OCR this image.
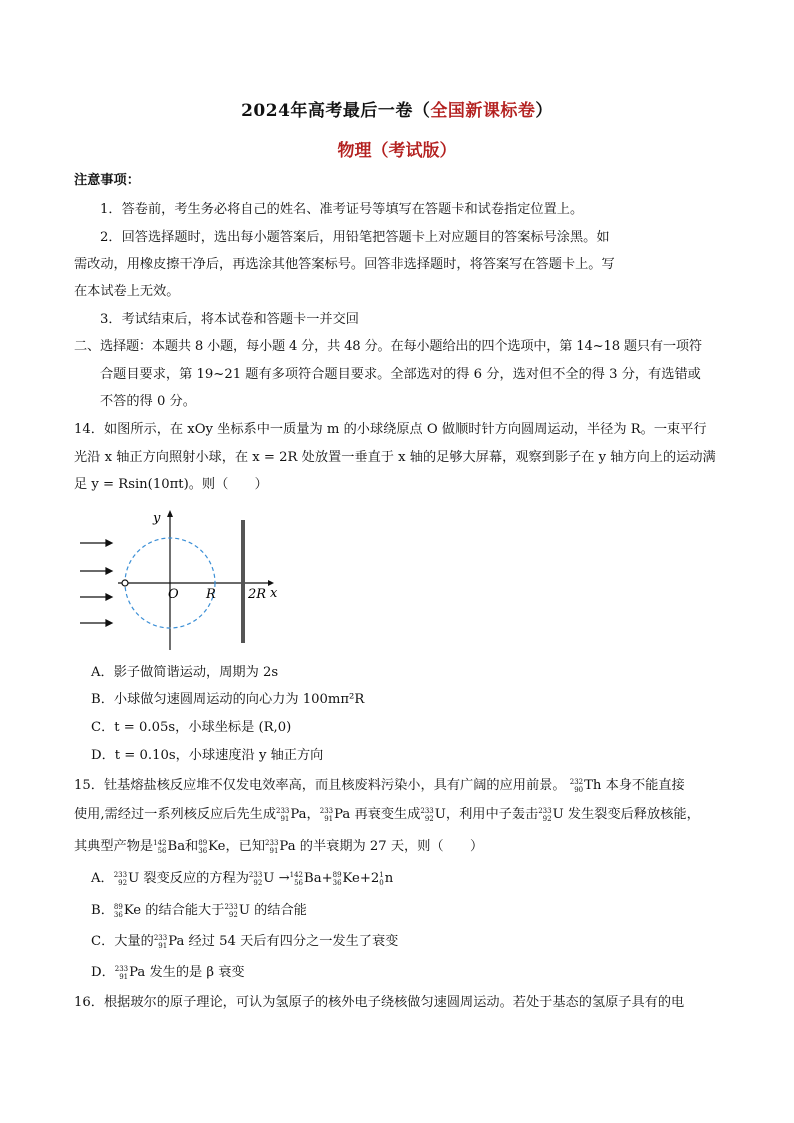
2024年高考最后一卷（全国新课标卷）
物理（考试版）
注意事项：
1．答卷前，考生务必将自己的姓名、准考证号等填写在答题卡和试卷指定位置上。
2．回答选择题时，选出每小题答案后，用铅笔把答题卡上对应题目的答案标号涂黑。如
需改动，用橡皮擦干净后，再选涂其他答案标号。回答非选择题时，将答案写在答题卡上。写
在本试卷上无效。
3．考试结束后，将本试卷和答题卡一并交回
二、选择题：本题共 8 小题，每小题 4 分，共 48 分。在每小题给出的四个选项中，第 14~18 题只有一项符
合题目要求，第 19~21 题有多项符合题目要求。全部选对的得 6 分，选对但不全的得 3 分，有选错或
不答的得 0 分。
14．如图所示，在 xOy 坐标系中一质量为 m 的小球绕原点 O 做顺时针方向圆周运动，半径为 R。一束平行
光沿 x 轴正方向照射小球，在 x = 2R 处放置一垂直于 x 轴的足够大屏幕，观察到影子在 y 轴方向上的运动满
足 y = Rsin(10πt)。则（　　）
y
O R 2R x
A．影子做简谐运动，周期为 2s
B．小球做匀速圆周运动的向心力为 100mπ²R
C．t = 0.05s，小球坐标是 (R,0)
D．t = 0.10s，小球速度沿 y 轴正方向
15．钍基熔盐核反应堆不仅发电效率高，而且核废料污染小，具有广阔的应用前景。 232
90 Th 本身不能直接
使用,需经过一系列核反应后先生成 233
91 Pa， 233
91 Pa 再衰变生成 233
92 U，利用中子轰击 233
92 U 发生裂变后释放核能，
其典型产物是 142
56 Ba和 89
36 Ke，已知 233
91 Pa 的半衰期为 27 天，则（　　）
A． 233
92 U 裂变反应的方程为 233
92 U → 142
56 Ba+ 89
36 Ke+2 1
0 n
B． 89
36 Ke 的结合能大于 233
92 U 的结合能
C．大量的 233
91 Pa 经过 54 天后有四分之一发生了衰变
D． 233
91 Pa 发生的是 β 衰变
16．根据玻尔的原子理论，可认为氢原子的核外电子绕核做匀速圆周运动。若处于基态的氢原子具有的电
